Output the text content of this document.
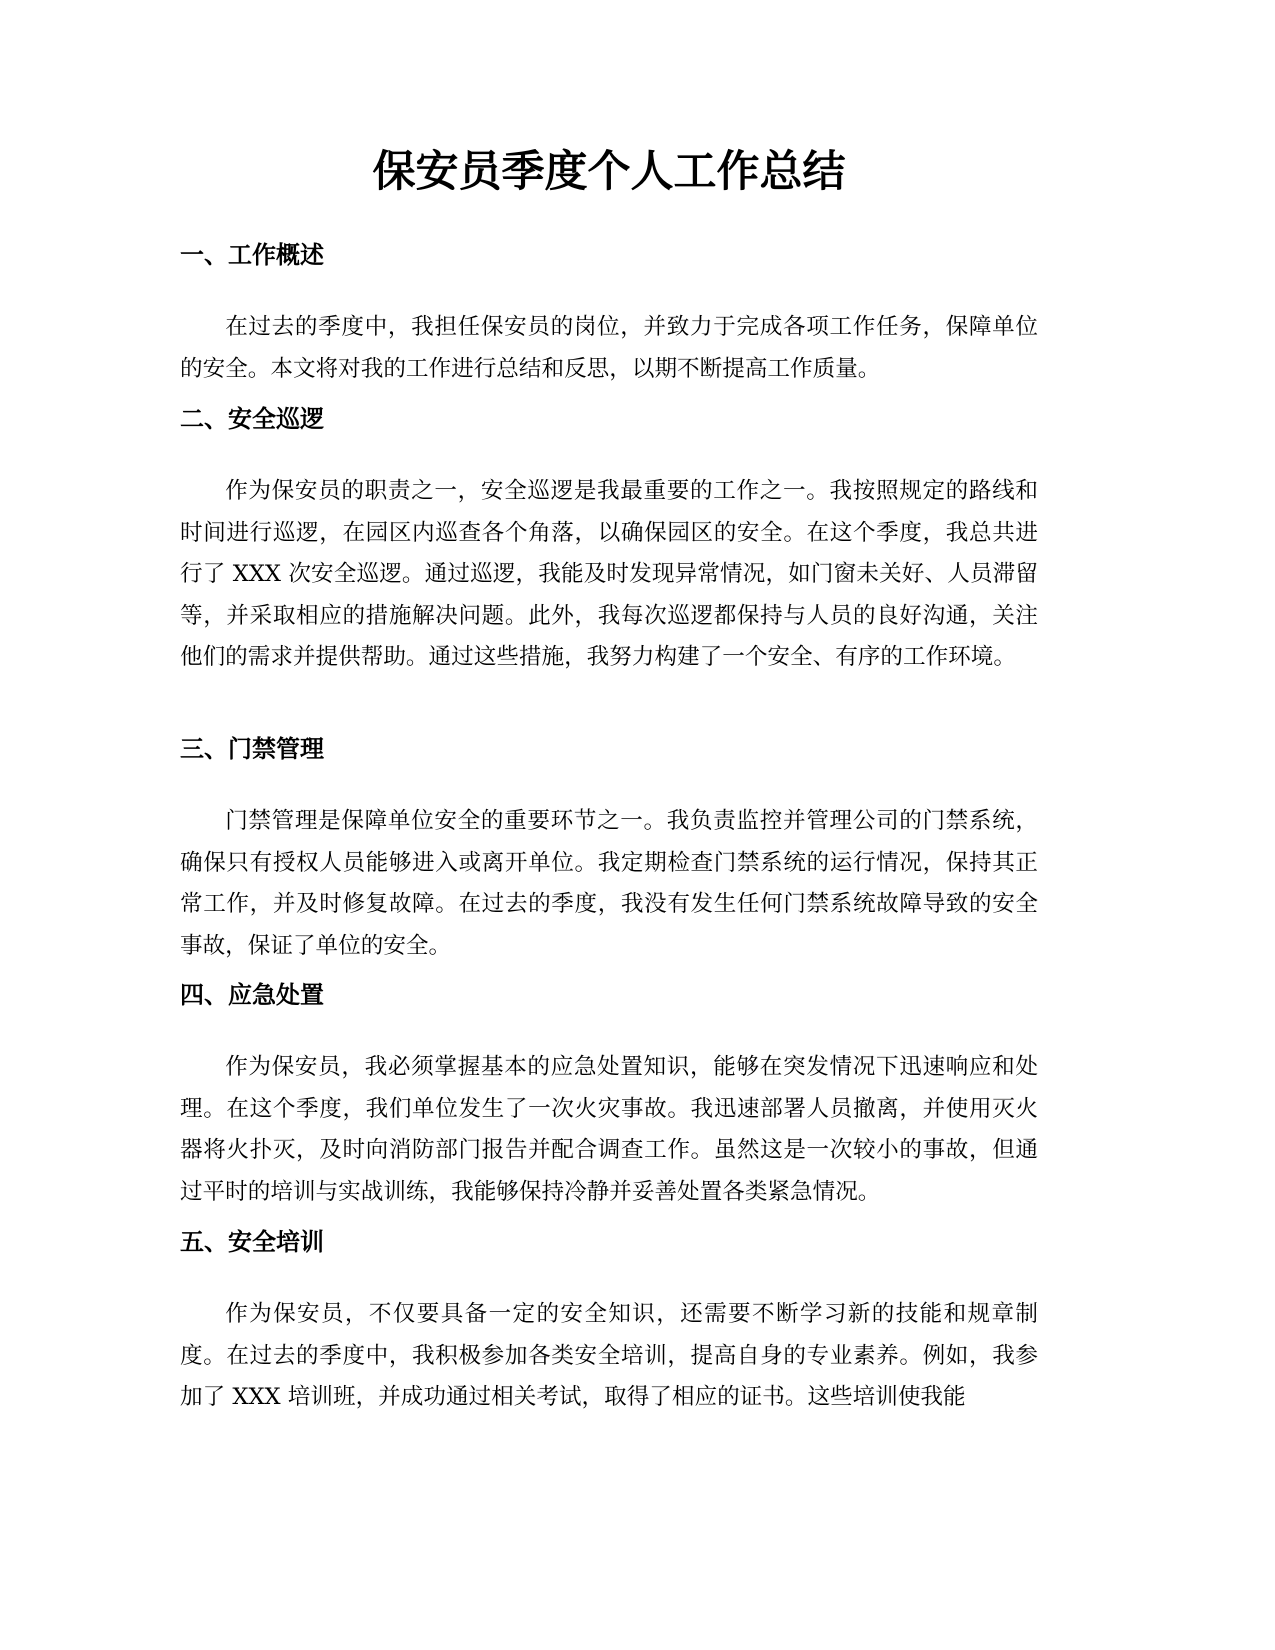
保安员季度个人工作总结
一、工作概述

在过去的季度中，我担任保安员的岗位，并致力于完成各项工作任务，保障单位的安全。本文将对我的工作进行总结和反思，以期不断提高工作质量。

二、安全巡逻

作为保安员的职责之一，安全巡逻是我最重要的工作之一。我按照规定的路线和时间进行巡逻，在园区内巡查各个角落，以确保园区的安全。在这个季度，我总共进行了 XXX 次安全巡逻。通过巡逻，我能及时发现异常情况，如门窗未关好、人员滞留等，并采取相应的措施解决问题。此外，我每次巡逻都保持与人员的良好沟通，关注他们的需求并提供帮助。通过这些措施，我努力构建了一个安全、有序的工作环境。

三、门禁管理

门禁管理是保障单位安全的重要环节之一。我负责监控并管理公司的门禁系统，确保只有授权人员能够进入或离开单位。我定期检查门禁系统的运行情况，保持其正常工作，并及时修复故障。在过去的季度，我没有发生任何门禁系统故障导致的安全事故，保证了单位的安全。

四、应急处置

作为保安员，我必须掌握基本的应急处置知识，能够在突发情况下迅速响应和处理。在这个季度，我们单位发生了一次火灾事故。我迅速部署人员撤离，并使用灭火器将火扑灭，及时向消防部门报告并配合调查工作。虽然这是一次较小的事故，但通过平时的培训与实战训练，我能够保持冷静并妥善处置各类紧急情况。

五、安全培训

作为保安员，不仅要具备一定的安全知识，还需要不断学习新的技能和规章制度。在过去的季度中，我积极参加各类安全培训，提高自身的专业素养。例如，我参加了 XXX 培训班，并成功通过相关考试，取得了相应的证书。这些培训使我能
